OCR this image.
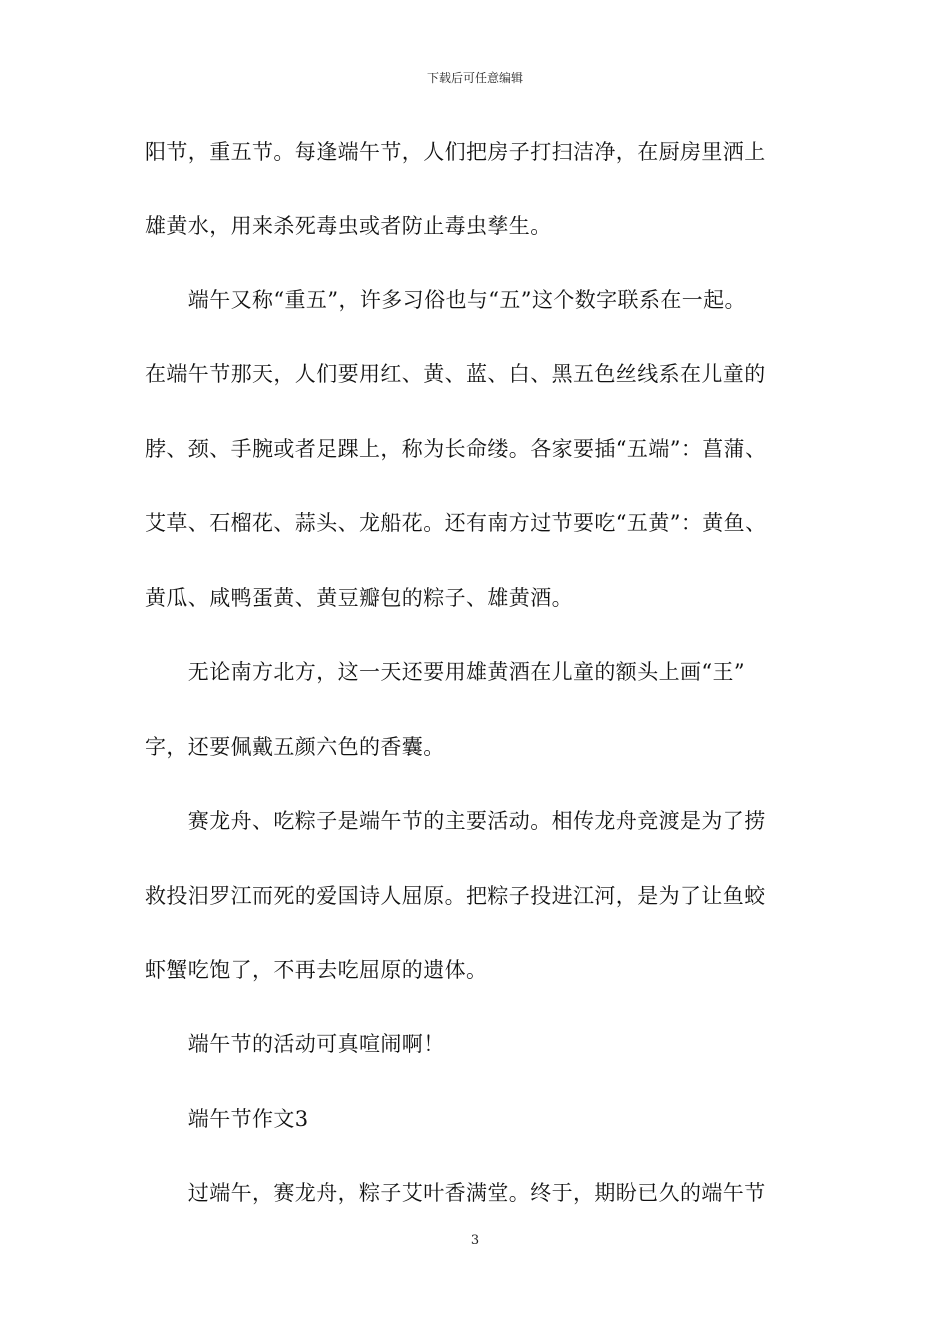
下载后可任意编辑
阳节，重五节。每逢端午节，人们把房子打扫洁净，在厨房里洒上
雄黄水，用来杀死毒虫或者防止毒虫孳生。
　　端午又称“重五”，许多习俗也与“五”这个数字联系在一起。
在端午节那天，人们要用红、黄、蓝、白、黑五色丝线系在儿童的
脖、颈、手腕或者足踝上，称为长命缕。各家要插“五端”：菖蒲、
艾草、石榴花、蒜头、龙船花。还有南方过节要吃“五黄”：黄鱼、
黄瓜、咸鸭蛋黄、黄豆瓣包的粽子、雄黄酒。
　　无论南方北方，这一天还要用雄黄酒在儿童的额头上画“王”
字，还要佩戴五颜六色的香囊。
　　赛龙舟、吃粽子是端午节的主要活动。相传龙舟竞渡是为了捞
救投汨罗江而死的爱国诗人屈原。把粽子投进江河，是为了让鱼蛟
虾蟹吃饱了，不再去吃屈原的遗体。
　　端午节的活动可真喧闹啊！
　　端午节作文3
　　过端午，赛龙舟，粽子艾叶香满堂。终于，期盼已久的端午节
3
